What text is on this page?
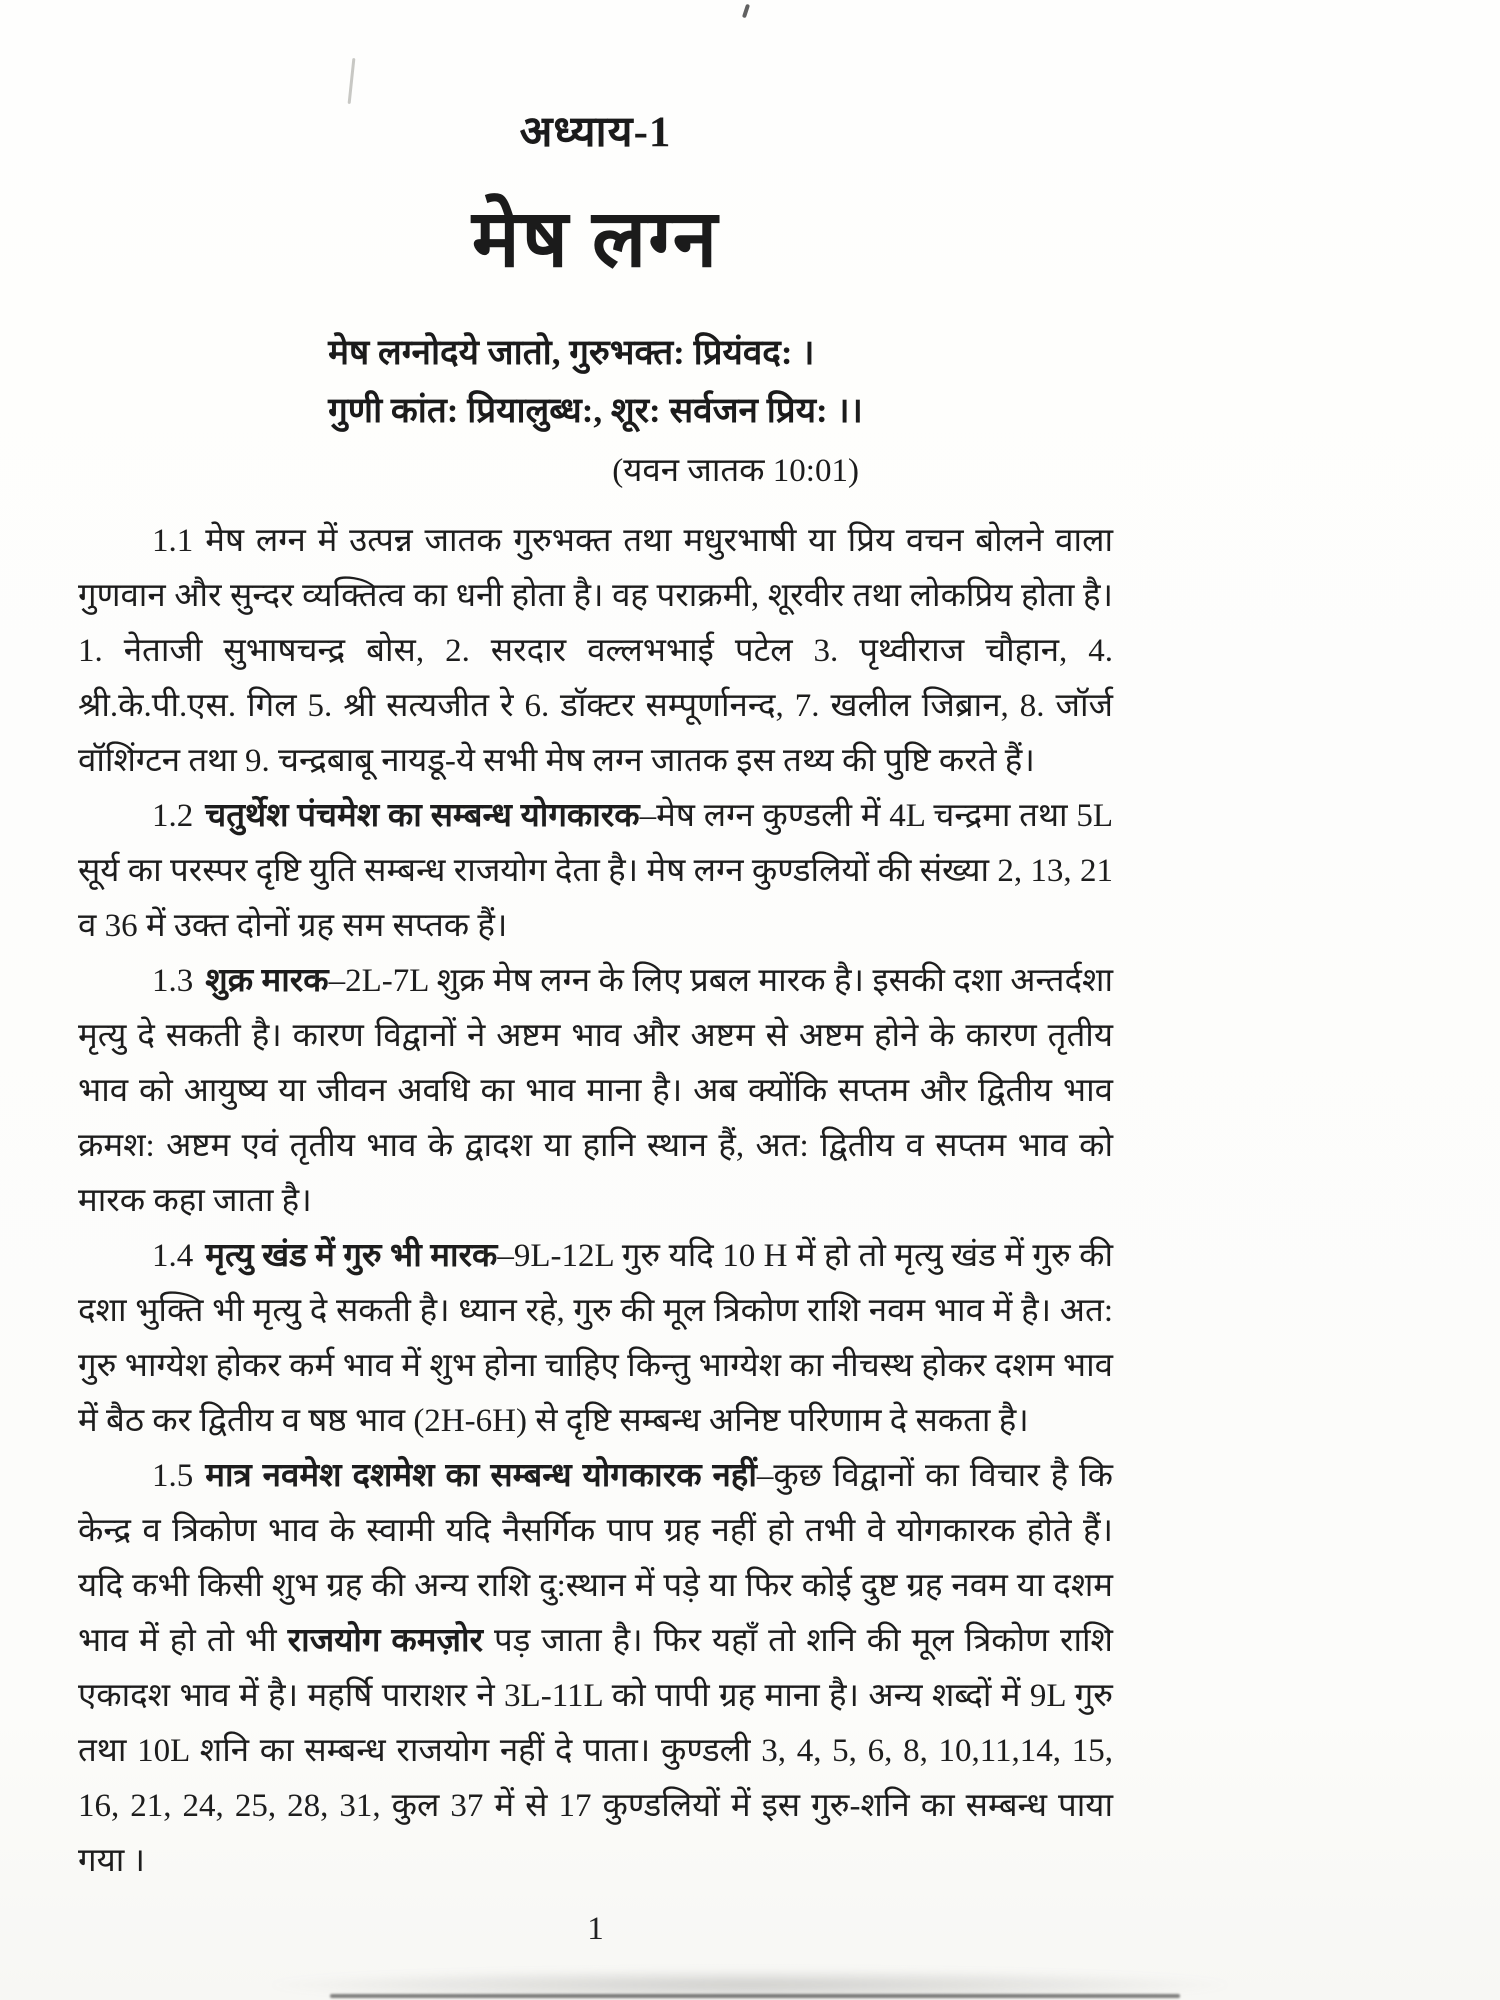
अध्याय-1
मेष लग्न
मेष लग्नोदये जातो, गुरुभक्त: प्रियंवद: ।
गुणी कांत: प्रियालुब्ध:, शूर: सर्वजन प्रिय: ।।
(यवन जातक 10:01)

1.1 मेष लग्न में उत्पन्न जातक गुरुभक्त तथा मधुरभाषी या प्रिय वचन बोलने वाला गुणवान और सुन्दर व्यक्तित्व का धनी होता है। वह पराक्रमी, शूरवीर तथा लोकप्रिय होता है। 1. नेताजी सुभाषचन्द्र बोस, 2. सरदार वल्लभभाई पटेल 3. पृथ्वीराज चौहान, 4. श्री.के.पी.एस. गिल 5. श्री सत्यजीत रे 6. डॉक्टर सम्पूर्णानन्द, 7. खलील जिब्रान, 8. जॉर्ज वॉशिंग्टन तथा 9. चन्द्रबाबू नायडू-ये सभी मेष लग्न जातक इस तथ्य की पुष्टि करते हैं।

1.2 चतुर्थेश पंचमेश का सम्बन्ध योगकारक–मेष लग्न कुण्डली में 4L चन्द्रमा तथा 5L सूर्य का परस्पर दृष्टि युति सम्बन्ध राजयोग देता है। मेष लग्न कुण्डलियों की संख्या 2, 13, 21 व 36 में उक्त दोनों ग्रह सम सप्तक हैं।

1.3 शुक्र मारक–2L-7L शुक्र मेष लग्न के लिए प्रबल मारक है। इसकी दशा अन्तर्दशा मृत्यु दे सकती है। कारण विद्वानों ने अष्टम भाव और अष्टम से अष्टम होने के कारण तृतीय भाव को आयुष्य या जीवन अवधि का भाव माना है। अब क्योंकि सप्तम और द्वितीय भाव क्रमश: अष्टम एवं तृतीय भाव के द्वादश या हानि स्थान हैं, अत: द्वितीय व सप्तम भाव को मारक कहा जाता है।

1.4 मृत्यु खंड में गुरु भी मारक–9L-12L गुरु यदि 10 H में हो तो मृत्यु खंड में गुरु की दशा भुक्ति भी मृत्यु दे सकती है। ध्यान रहे, गुरु की मूल त्रिकोण राशि नवम भाव में है। अत: गुरु भाग्येश होकर कर्म भाव में शुभ होना चाहिए किन्तु भाग्येश का नीचस्थ होकर दशम भाव में बैठ कर द्वितीय व षष्ठ भाव (2H-6H) से दृष्टि सम्बन्ध अनिष्ट परिणाम दे सकता है।

1.5 मात्र नवमेश दशमेश का सम्बन्ध योगकारक नहीं–कुछ विद्वानों का विचार है कि केन्द्र व त्रिकोण भाव के स्वामी यदि नैसर्गिक पाप ग्रह नहीं हो तभी वे योगकारक होते हैं। यदि कभी किसी शुभ ग्रह की अन्य राशि दु:स्थान में पड़े या फिर कोई दुष्ट ग्रह नवम या दशम भाव में हो तो भी राजयोग कमज़ोर पड़ जाता है। फिर यहाँ तो शनि की मूल त्रिकोण राशि एकादश भाव में है। महर्षि पाराशर ने 3L-11L को पापी ग्रह माना है। अन्य शब्दों में 9L गुरु तथा 10L शनि का सम्बन्ध राजयोग नहीं दे पाता। कुण्डली 3, 4, 5, 6, 8, 10,11,14, 15, 16, 21, 24, 25, 28, 31, कुल 37 में से 17 कुण्डलियों में इस गुरु-शनि का सम्बन्ध पाया गया ।

1
